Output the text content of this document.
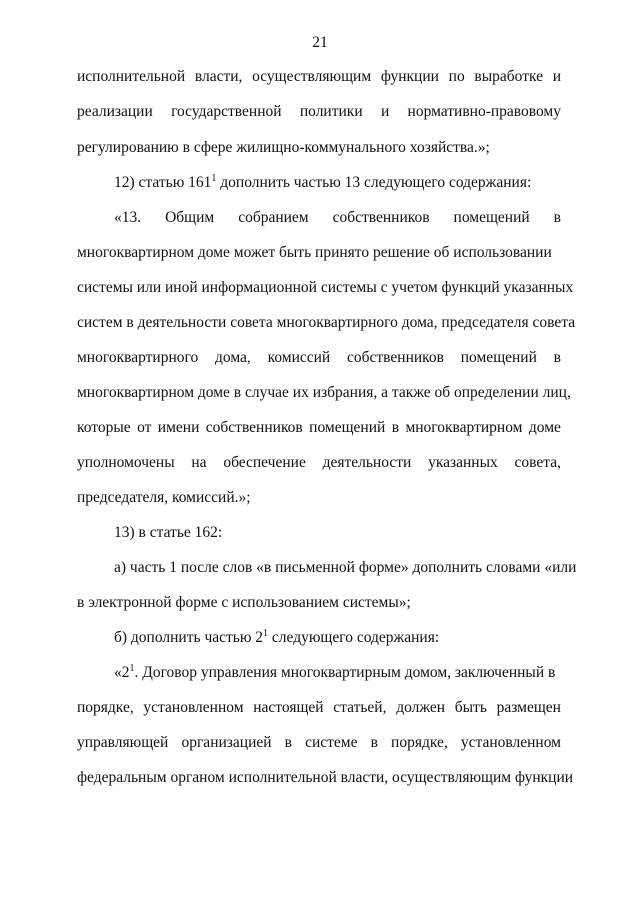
21
исполнительной власти, осуществляющим функции по выработке и
реализации государственной политики и нормативно-правовому
регулированию в сфере жилищно-коммунального хозяйства.»;
12) статью $161^1$ дополнить частью 13 следующего содержания:
«13. Общим собранием собственников помещений в
многоквартирном доме может быть принято решение об использовании
системы или иной информационной системы с учетом функций указанных
систем в деятельности совета многоквартирного дома, председателя совета
многоквартирного дома, комиссий собственников помещений в
многоквартирном доме в случае их избрания, а также об определении лиц,
которые от имени собственников помещений в многоквартирном доме
уполномочены на обеспечение деятельности указанных совета,
председателя, комиссий.»;
13) в статье 162:
а) часть 1 после слов «в письменной форме» дополнить словами «или
в электронной форме с использованием системы»;
б) дополнить частью $2^1$ следующего содержания:
«$2^1$. Договор управления многоквартирным домом, заключенный в
порядке, установленном настоящей статьей, должен быть размещен
управляющей организацией в системе в порядке, установленном
федеральным органом исполнительной власти, осуществляющим функции
